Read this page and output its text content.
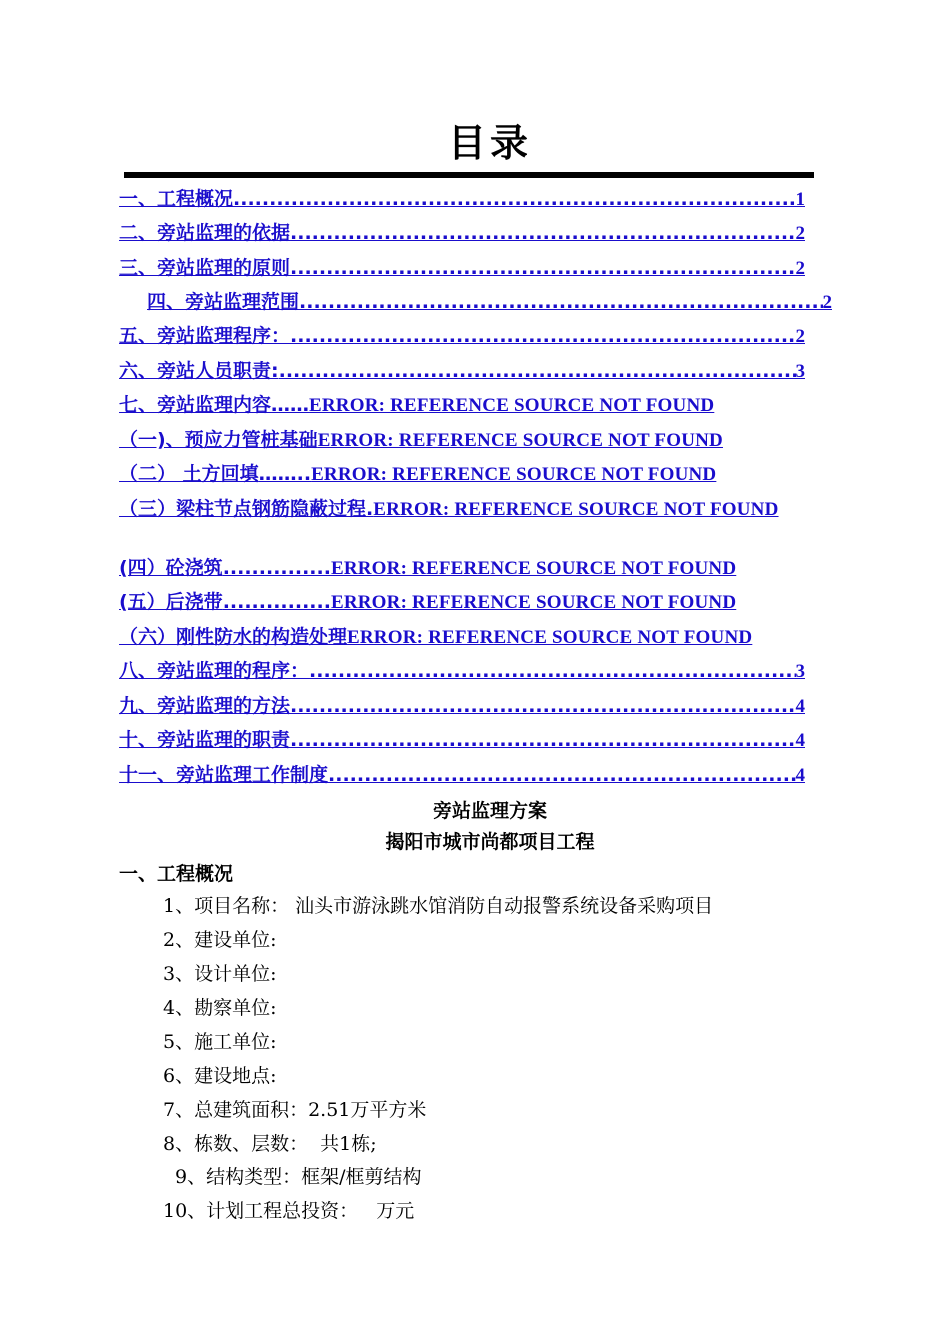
目录
一、工程概况 .....	1
二、旁站监理的依据 .....	2
三、旁站监理的原则 .....	2
四、旁站监理范围 .....	2
五、旁站监理程序： .....	2
六、旁站人员职责: .....	3
七、旁站监理内容……ERROR: REFERENCE SOURCE NOT FOUND
（一)、预应力管桩基础ERROR: REFERENCE SOURCE NOT FOUND
（二） 土方回填……..ERROR: REFERENCE SOURCE NOT FOUND
（三）梁柱节点钢筋隐蔽过程.ERROR: REFERENCE SOURCE NOT FOUND
(四）砼浇筑...............ERROR: REFERENCE SOURCE NOT FOUND
(五）后浇带...............ERROR: REFERENCE SOURCE NOT FOUND
（六）刚性防水的构造处理ERROR: REFERENCE SOURCE NOT FOUND
八、旁站监理的程序： .....	3
九、旁站监理的方法 .....	4
十、旁站监理的职责 .....	4
十一、旁站监理工作制度 .....	4
旁站监理方案
揭阳市城市尚都项目工程
一、工程概况
1、项目名称： 汕头市游泳跳水馆消防自动报警系统设备采购项目
2、建设单位:
3、设计单位:
4、勘察单位:
5、施工单位:
6、建设地点:
7、总建筑面积：2.51万平方米
8、栋数、层数：  共1栋;
9、结构类型：框架/框剪结构
10、计划工程总投资：   万元
